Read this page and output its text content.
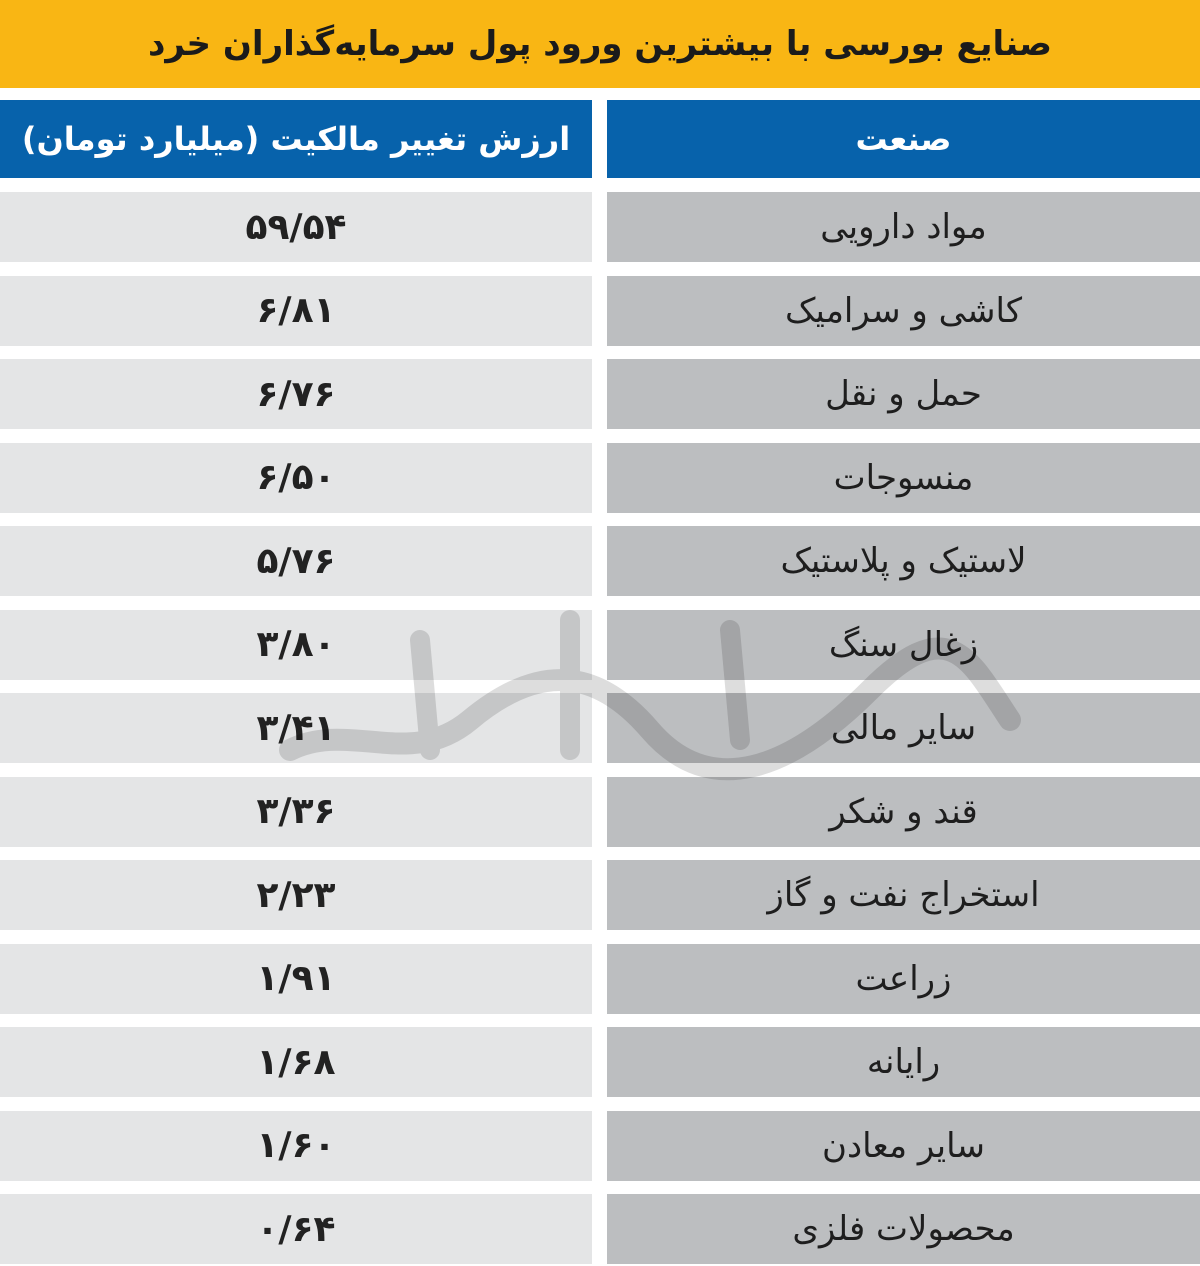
صنایع بورسی با بیشترین ورود پول سرمایه‌گذاران خرد
ارزش تغییر مالکیت (میلیارد تومان)	صنعت
۵۹/۵۴	مواد دارویی
۶/۸۱	کاشی و سرامیک
۶/۷۶	حمل و نقل
۶/۵۰	منسوجات
۵/۷۶	لاستیک و پلاستیک
۳/۸۰	زغال سنگ
۳/۴۱	سایر مالی
۳/۳۶	قند و شکر
۲/۲۳	استخراج نفت و گاز
۱/۹۱	زراعت
۱/۶۸	رایانه
۱/۶۰	سایر معادن
۰/۶۴	محصولات فلزی
